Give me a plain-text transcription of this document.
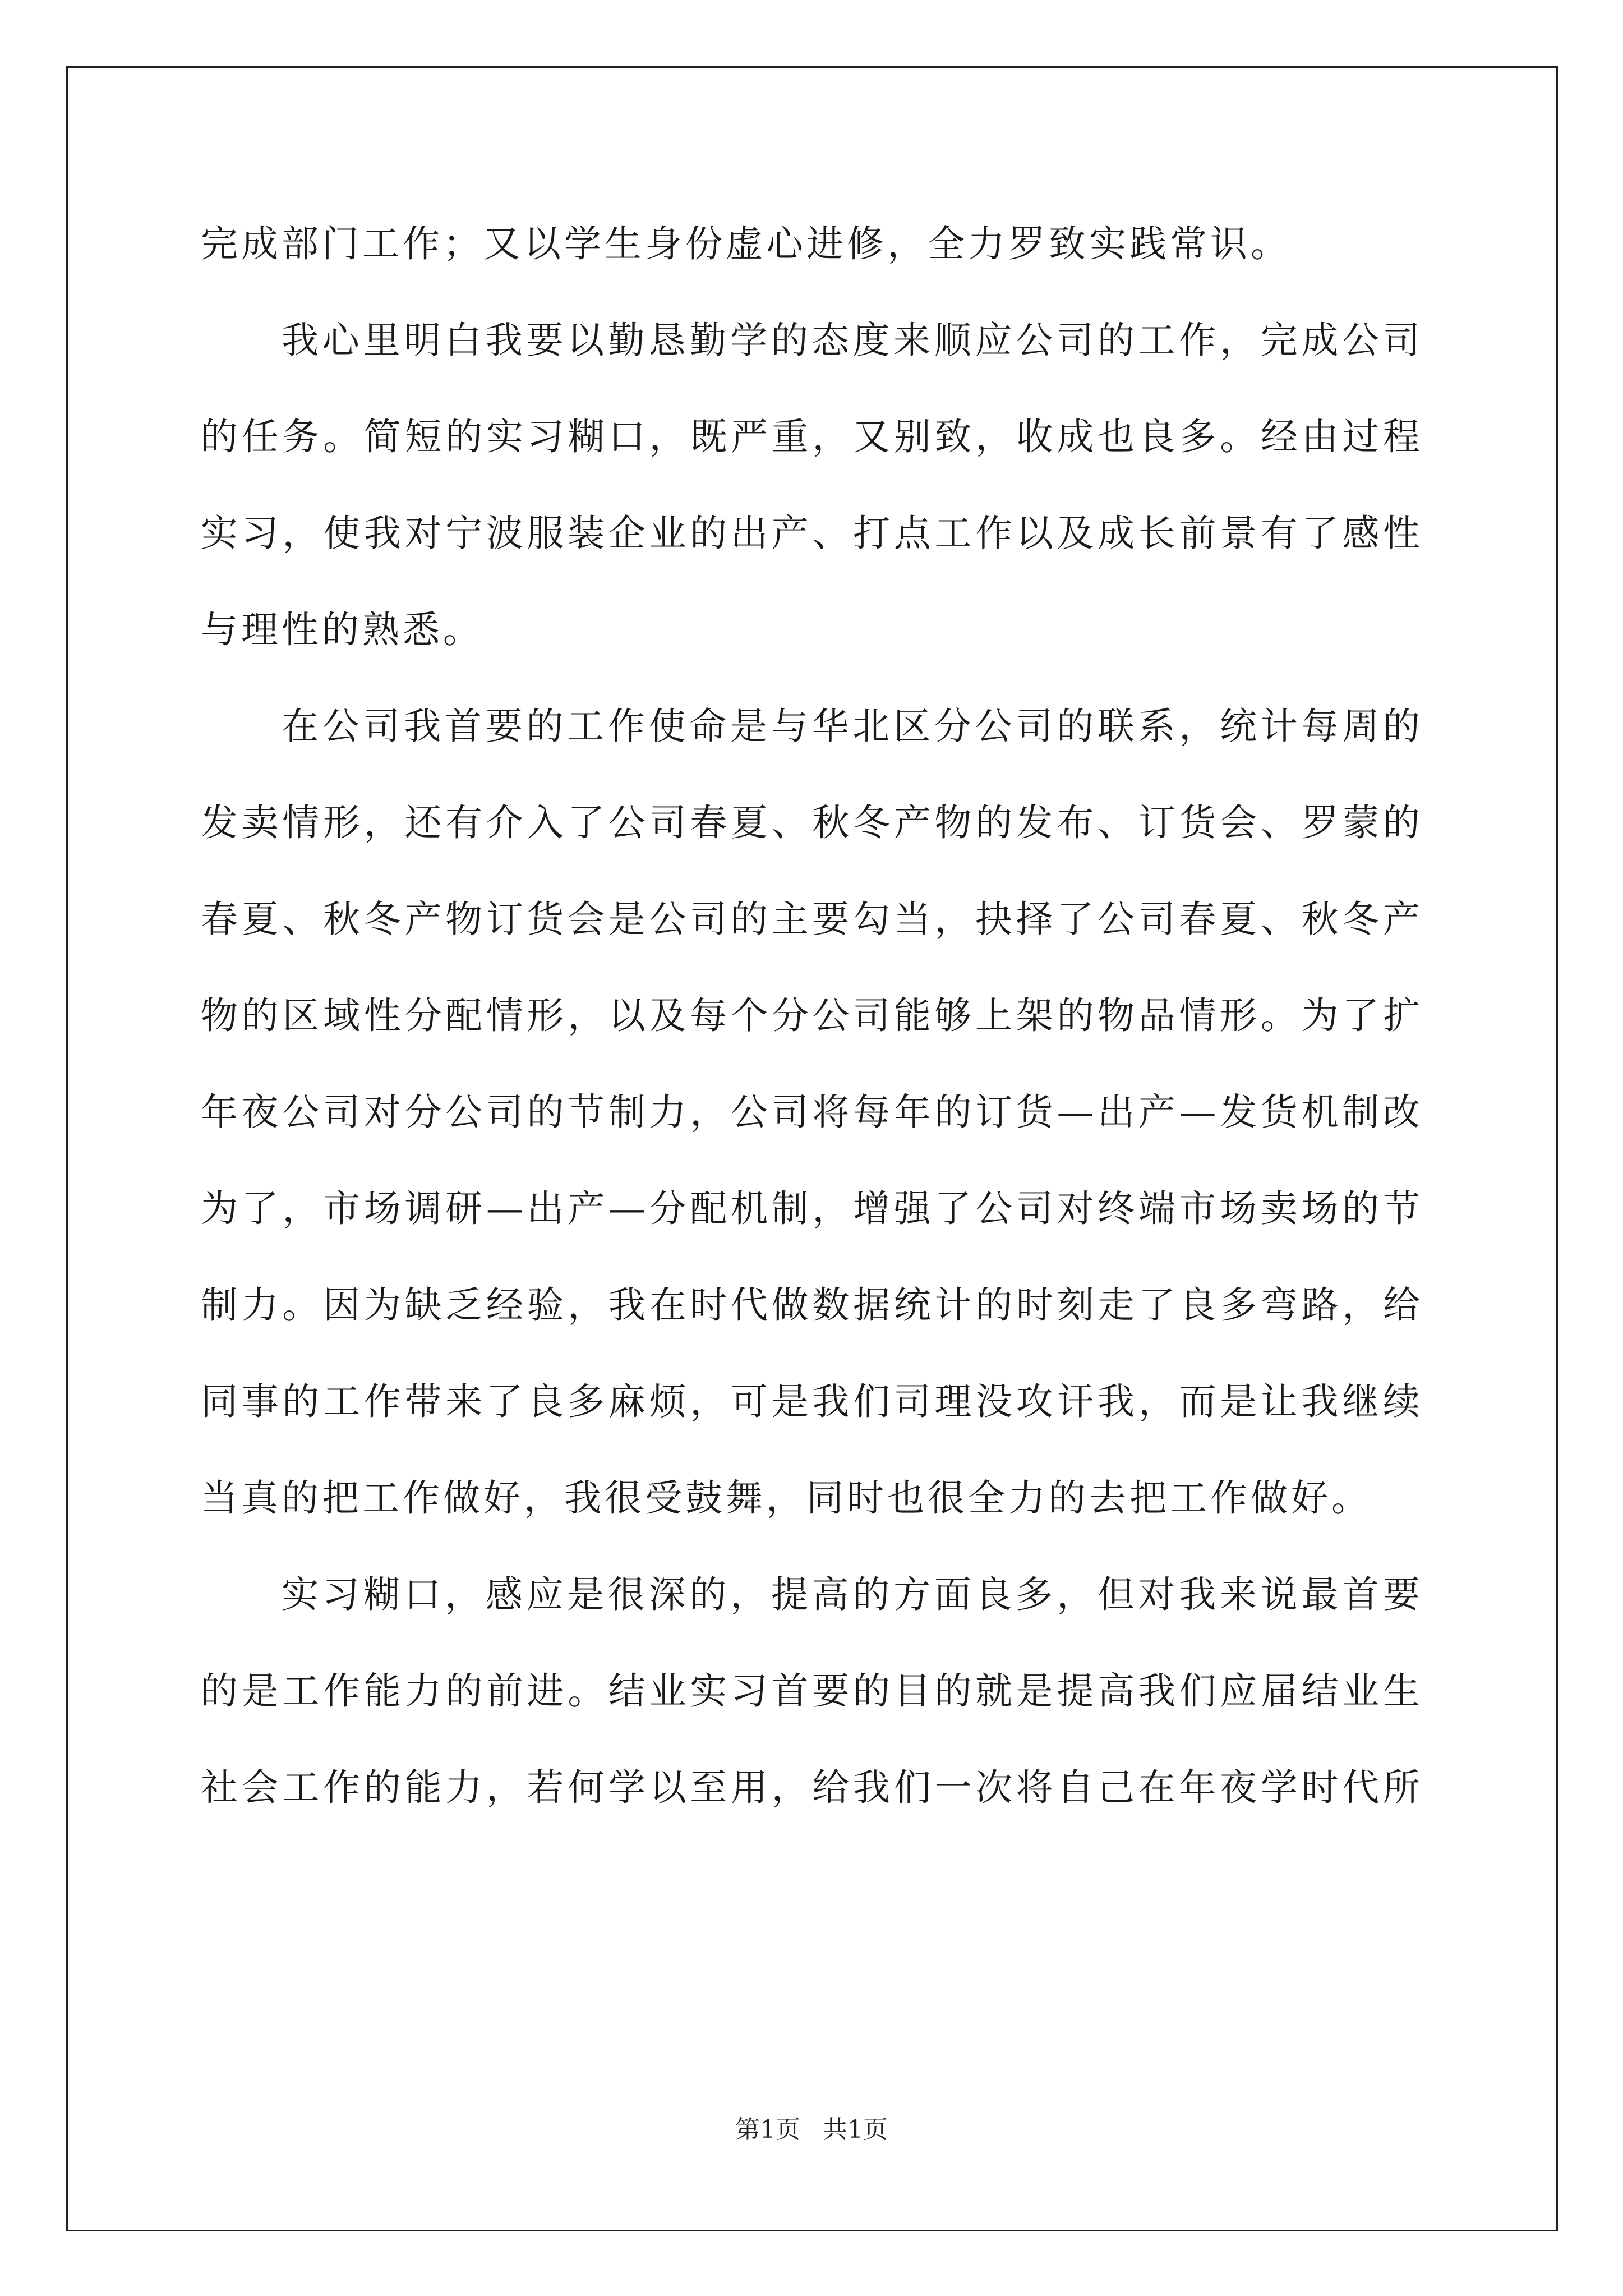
完成部门工作；又以学生身份虚心进修，全力罗致实践常识。
我心里明白我要以勤恳勤学的态度来顺应公司的工作，完成公司
的任务。简短的实习糊口，既严重，又别致，收成也良多。经由过程
实习，使我对宁波服装企业的出产、打点工作以及成长前景有了感性
与理性的熟悉。
在公司我首要的工作使命是与华北区分公司的联系，统计每周的
发卖情形，还有介入了公司春夏、秋冬产物的发布、订货会、罗蒙的
春夏、秋冬产物订货会是公司的主要勾当，抉择了公司春夏、秋冬产
物的区域性分配情形，以及每个分公司能够上架的物品情形。为了扩
年夜公司对分公司的节制力，公司将每年的订货—出产—发货机制改
为了，市场调研—出产—分配机制，增强了公司对终端市场卖场的节
制力。因为缺乏经验，我在时代做数据统计的时刻走了良多弯路，给
同事的工作带来了良多麻烦，可是我们司理没攻讦我，而是让我继续
当真的把工作做好，我很受鼓舞，同时也很全力的去把工作做好。
实习糊口，感应是很深的，提高的方面良多，但对我来说最首要
的是工作能力的前进。结业实习首要的目的就是提高我们应届结业生
社会工作的能力，若何学以至用，给我们一次将自己在年夜学时代所
第1页 共1页
